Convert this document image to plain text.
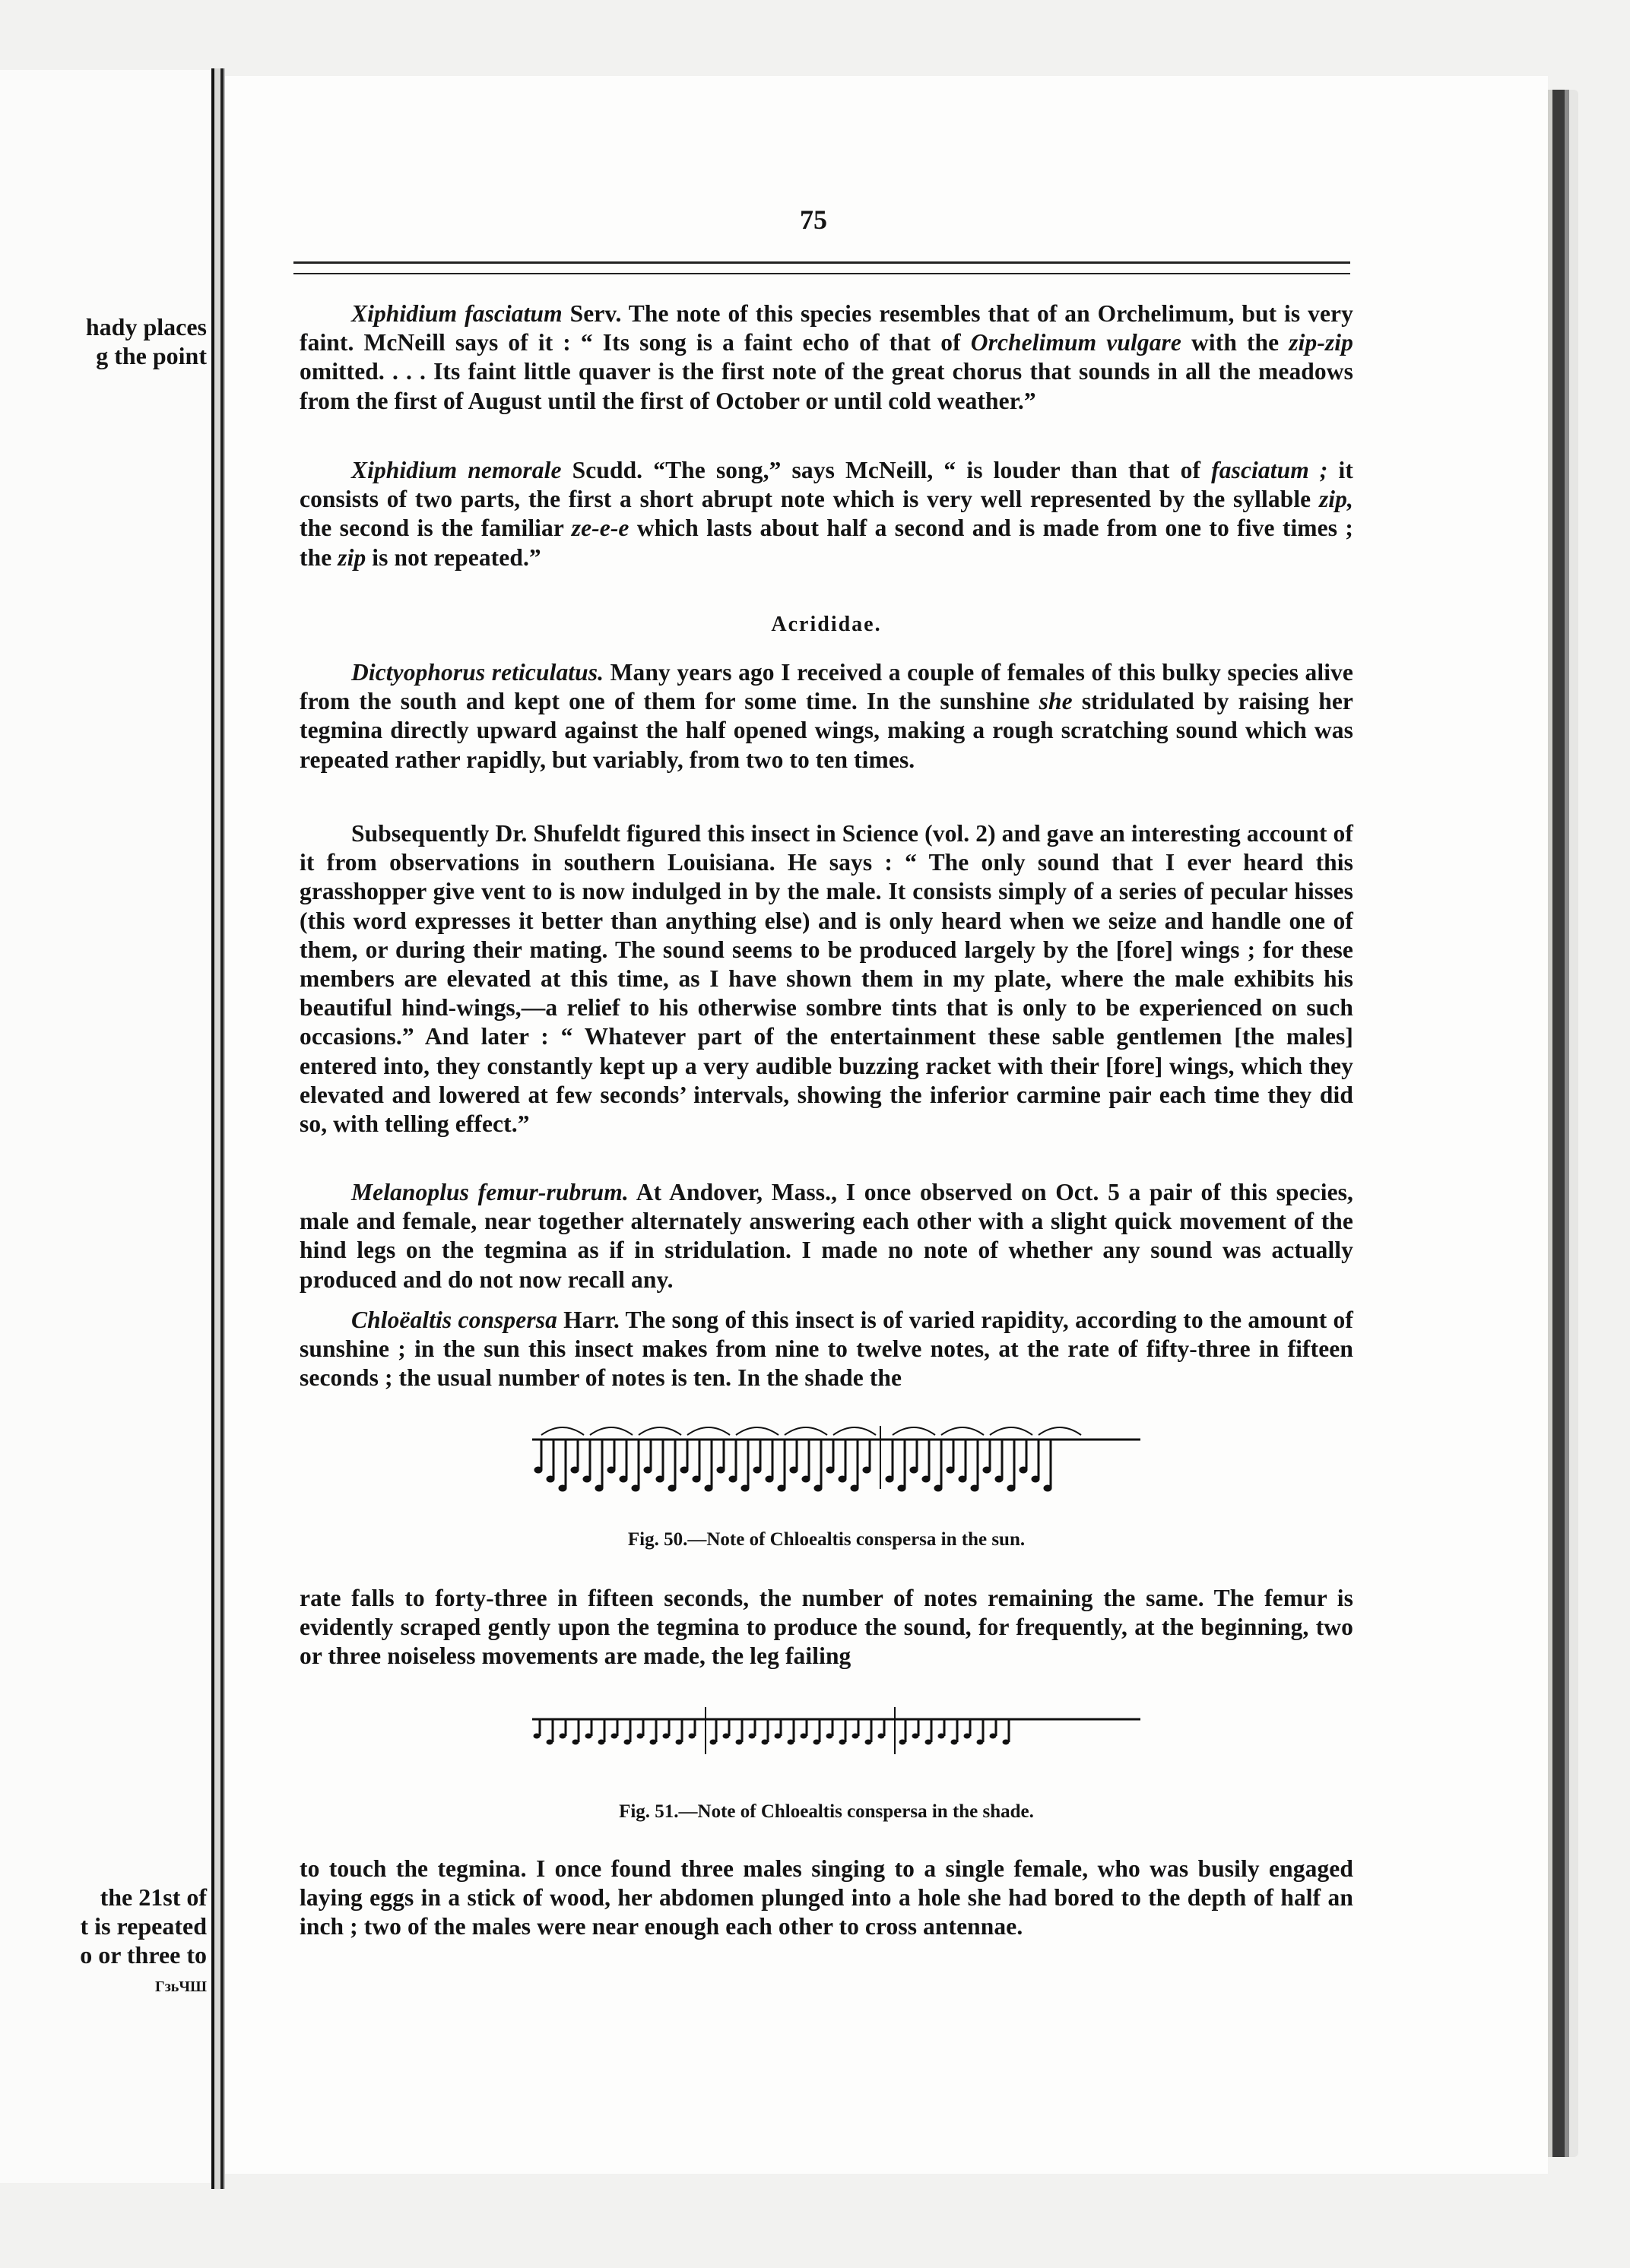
hady places
g the point
the 21st of
t is repeated
o or three to
ГзьЧШ
75

Xiphidium fasciatum Serv. The note of this species resembles that of an Orchelimum, but is very faint. McNeill says of it : “ Its song is a faint echo of that of Orchelimum vulgare with the zip-zip omitted. . . . Its faint little quaver is the first note of the great chorus that sounds in all the meadows from the first of August until the first of October or until cold weather.”

Xiphidium nemorale Scudd. “The song,” says McNeill, “ is louder than that of fasciatum ; it consists of two parts, the first a short abrupt note which is very well represented by the syllable zip, the second is the familiar ze-e-e which lasts about half a second and is made from one to five times ; the zip is not repeated.”

Acrididae.

Dictyophorus reticulatus. Many years ago I received a couple of females of this bulky species alive from the south and kept one of them for some time. In the sunshine she stridulated by raising her tegmina directly upward against the half opened wings, making a rough scratching sound which was repeated rather rapidly, but variably, from two to ten times.

Subsequently Dr. Shufeldt figured this insect in Science (vol. 2) and gave an interesting account of it from observations in southern Louisiana. He says : “ The only sound that I ever heard this grasshopper give vent to is now indulged in by the male. It consists simply of a series of pecular hisses (this word expresses it better than anything else) and is only heard when we seize and handle one of them, or during their mating. The sound seems to be produced largely by the [fore] wings ; for these members are elevated at this time, as I have shown them in my plate, where the male exhibits his beautiful hind-wings,—a relief to his otherwise sombre tints that is only to be experienced on such occasions.” And later : “ Whatever part of the entertainment these sable gentlemen [the males] entered into, they constantly kept up a very audible buzzing racket with their [fore] wings, which they elevated and lowered at few seconds’ intervals, showing the inferior carmine pair each time they did so, with telling effect.”

Melanoplus femur-rubrum. At Andover, Mass., I once observed on Oct. 5 a pair of this species, male and female, near together alternately answering each other with a slight quick movement of the hind legs on the tegmina as if in stridulation. I made no note of whether any sound was actually produced and do not now recall any.

Chloëaltis conspersa Harr. The song of this insect is of varied rapidity, according to the amount of sunshine ; in the sun this insect makes from nine to twelve notes, at the rate of fifty-three in fifteen seconds ; the usual number of notes is ten. In the shade the

Fig. 50.—Note of Chloealtis conspersa in the sun.

rate falls to forty-three in fifteen seconds, the number of notes remaining the same. The femur is evidently scraped gently upon the tegmina to produce the sound, for frequently, at the beginning, two or three noiseless movements are made, the leg failing

Fig. 51.—Note of Chloealtis conspersa in the shade.

to touch the tegmina. I once found three males singing to a single female, who was busily engaged laying eggs in a stick of wood, her abdomen plunged into a hole she had bored to the depth of half an inch ; two of the males were near enough each other to cross antennae.
